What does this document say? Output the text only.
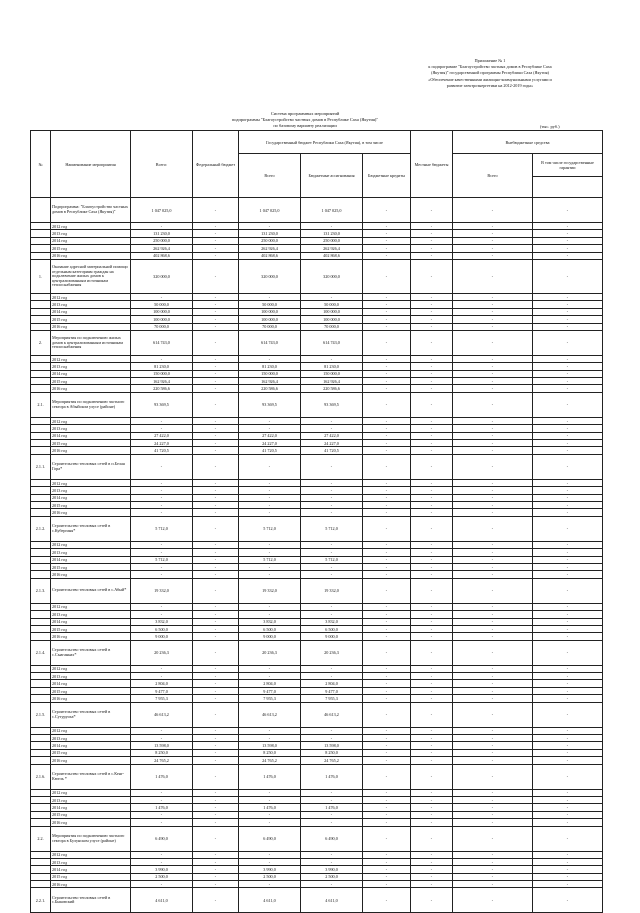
Приложение № 1
к подпрограмме "Благоустройство частных домов в Республике Саха
(Якутия)" государственной программы Республики Саха (Якутия)
«Обеспечение качественными жилищно-коммунальными услугами и
развитие электроэнергетики на 2012-2019 годы»
Система программных мероприятий
подпрограммы "Благоустройство частных домов в Республике Саха (Якутия)"
по базовому варианту реализации	(тыс. руб.)
№	Наименование мероприятия	Всего:	Федеральный бюджет	Государственный бюджет Республики Саха (Якутия), в том числе			Местные бюджеты	Внебюджетные средства	
				Всего	Бюджетные ассигнования	Бюджетные кредиты		Всего	В том числе государственные гарантии

	Подпрограмма: "Благоустройство частных домов в Республике Саха (Якутия)"	1 047 025,0	-	1 047 025,0	1 047 025,0	-	-	-	-
	2012 год	-	-	-	-	-	-	-	-
	2013 год	131 230,0	-	131 230,0	131 230,0	-	-	-	-
	2014 год	250 000,0	-	250 000,0	250 000,0	-	-	-	-
	2015 год	262 926,4	-	262 926,4	262 926,4	-	-	-	-
	2016 год	402 868,6	-	402 868,6	402 868,6	-	-	-	-
1.	Оказание адресной материальной помощи отдельным категориям граждан на подключение жилых домов к централизованным источникам теплоснабжения	320 000,0	-	320 000,0	320 000,0	-	-	-	-
	2012 год	-	-	-	-	-	-	-	-
	2013 год	50 000,0	-	50 000,0	50 000,0	-	-	-	-
	2014 год	100 000,0	-	100 000,0	100 000,0	-	-	-	-
	2015 год	100 000,0	-	100 000,0	100 000,0	-	-	-	-
	2016 год	70 000,0	-	70 000,0	70 000,0	-	-	-	-
2.	Мероприятия по подключению жилых домов к централизованным источникам теплоснабжения	614 743,0	-	614 743,0	614 743,0	-	-	-	-
	2012 год	-	-	-	-	-	-	-	-
	2013 год	81 230,0	-	81 230,0	81 230,0	-	-	-	-
	2014 год	150 000,0	-	150 000,0	150 000,0	-	-	-	-
	2015 год	162 926,4	-	162 926,4	162 926,4	-	-	-	-
	2016 год	220 586,6	-	220 586,6	220 586,6	-	-	-	-
2.1.	Мероприятия по подключению частного сектора в Абыйском улусе (районе)	93 369,5	-	93 369,5	93 369,5	-	-	-	-
	2012 год	-	-	-	-	-	-	-	-
	2013 год	-	-	-	-	-	-	-	-
	2014 год	27 422,0	-	27 422,0	27 422,0	-	-	-	-
	2015 год	24 227,0	-	24 227,0	24 227,0	-	-	-	-
	2016 год	41 720,5	-	41 720,5	41 720,5	-	-	-	-
2.1.1.	Строительство тепловых сетей в п.Белая Гора*	-	-	-	-	-	-	-	-
	2012 год	-	-	-	-	-	-	-	-
	2013 год	-	-	-	-	-	-	-	-
	2014 год	-	-	-	-	-	-	-	-
	2015 год	-	-	-	-	-	-	-	-
	2016 год	-	-	-	-	-	-	-	-
2.1.2.	Строительство тепловых сетей в с.Куберганя*	5 712,0	-	5 712,0	5 712,0	-	-	-	-
	2012 год	-	-	-	-	-	-	-	-
	2013 год	-	-	-	-	-	-	-	-
	2014 год	5 712,0	-	5 712,0	5 712,0	-	-	-	-
	2015 год	-	-	-	-	-	-	-	-
	2016 год	-	-	-	-	-	-	-	-
2.1.3.	Строительство тепловых сетей в с.Абый*	19 332,0	-	19 332,0	19 332,0	-	-	-	-
	2012 год	-	-	-	-	-	-	-	-
	2013 год	-	-	-	-	-	-	-	-
	2014 год	3 832,0	-	3 832,0	3 832,0	-	-	-	-
	2015 год	6 500,0	-	6 500,0	6 500,0	-	-	-	-
	2016 год	9 000,0	-	9 000,0	9 000,0	-	-	-	-
2.1.4.	Строительство тепловых сетей в с.Сыаганнах*	20 236,3	-	20 236,3	20 236,3	-	-	-	-
	2012 год	-	-	-	-	-	-	-	-
	2013 год	-	-	-	-	-	-	-	-
	2014 год	2 804,0	-	2 804,0	2 804,0	-	-	-	-
	2015 год	9 477,0	-	9 477,0	9 477,0	-	-	-	-
	2016 год	7 955,3	-	7 955,3	7 955,3	-	-	-	-
2.1.5.	Строительство тепловых сетей в с.Сутуруоха*	46 613,2	-	46 613,2	46 613,2	-	-	-	-
	2012 год	-	-	-	-	-	-	-	-
	2013 год	-	-	-	-	-	-	-	-
	2014 год	13 598,0	-	13 598,0	13 598,0	-	-	-	-
	2015 год	8 250,0	-	8 250,0	8 250,0	-	-	-	-
	2016 год	24 765,2	-	24 765,2	24 765,2	-	-	-	-
2.1.6.	Строительство тепловых сетей в с.Кенг-Кюель *	1 476,0	-	1 476,0	1 476,0	-	-	-	-
	2012 год	-	-	-	-	-	-	-	-
	2013 год	-	-	-	-	-	-	-	-
	2014 год	1 476,0	-	1 476,0	1 476,0	-	-	-	-
	2015 год	-	-	-	-	-	-	-	-
	2016 год	-	-	-	-	-	-	-	-
2.2.	Мероприятия по подключению частного сектора в Булунском улусе (районе)	6 490,0	-	6 490,0	6 490,0	-	-	-	-
	2012 год	-	-	-	-	-	-	-	-
	2013 год	-	-	-	-	-	-	-	-
	2014 год	3 990,0	-	3 990,0	3 990,0	-	-	-	-
	2015 год	2 500,0	-	2 500,0	2 500,0	-	-	-	-
	2016 год	-	-	-	-	-	-	-	-
2.2.1.	Строительство тепловых сетей в с.Быковский	4 611,0	-	4 611,0	4 611,0	-	-	-	-
